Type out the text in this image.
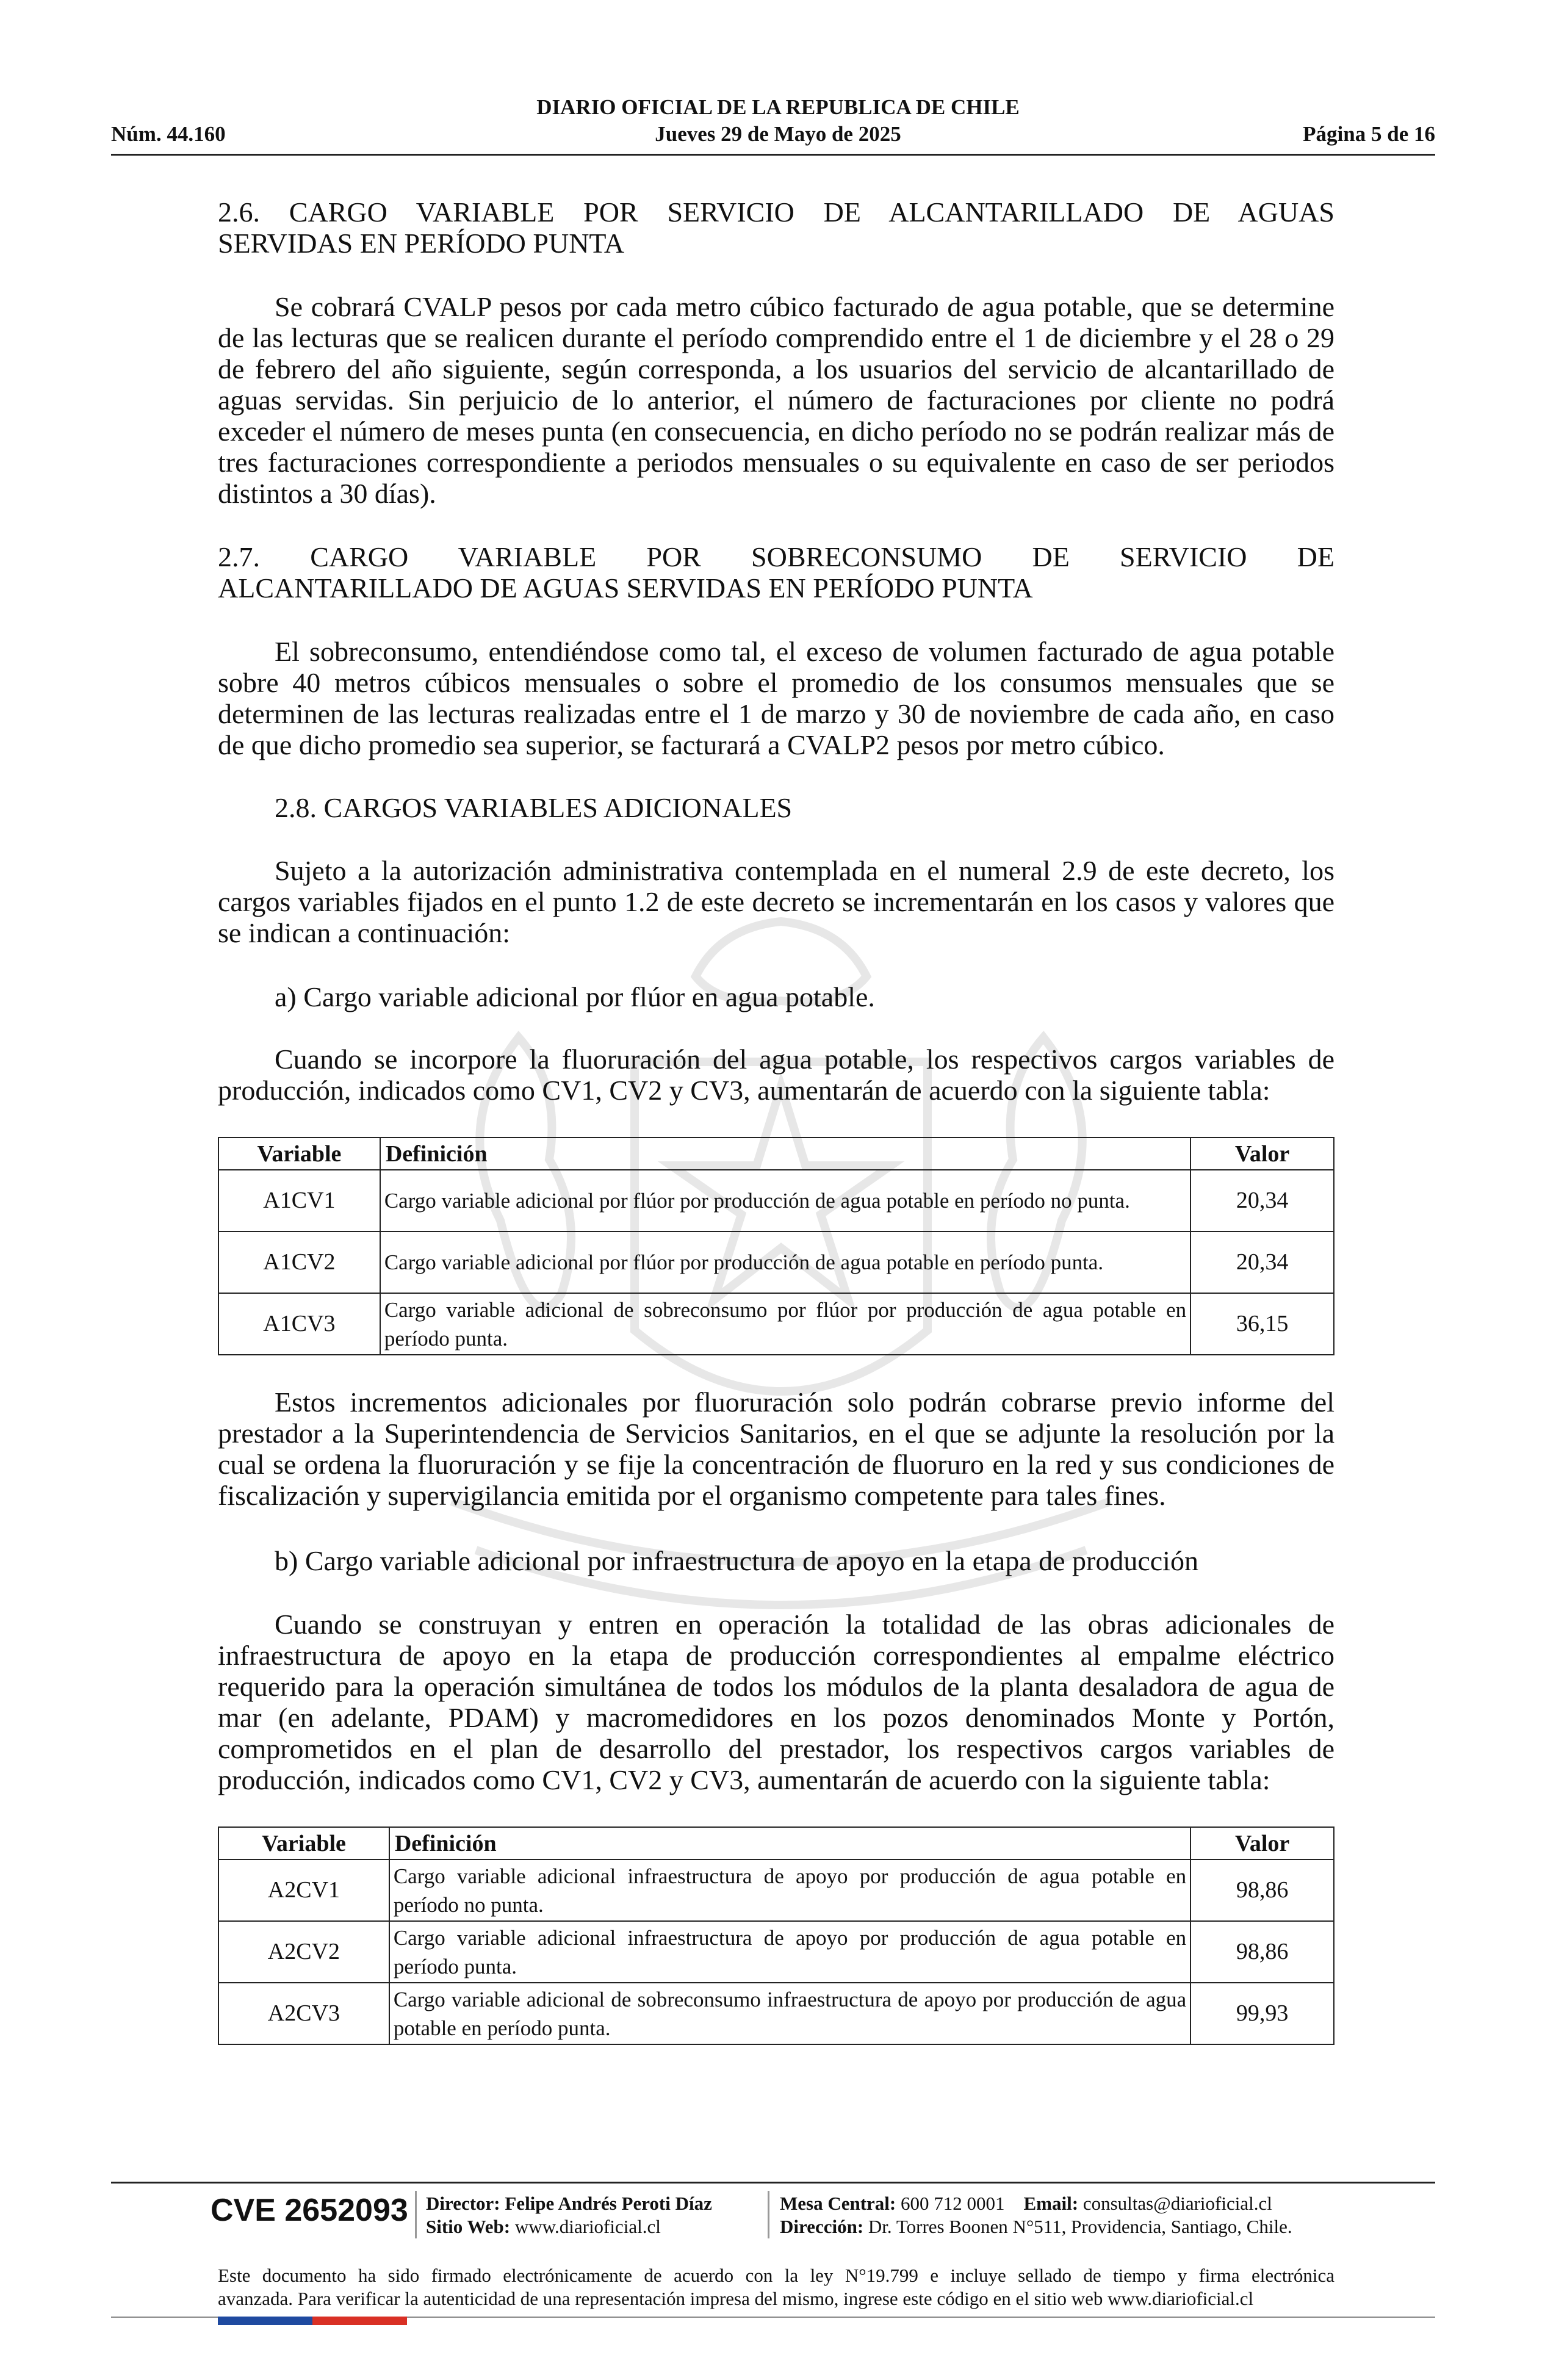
DIARIO OFICIAL DE LA REPUBLICA DE CHILE
Núm. 44.160	Jueves 29 de Mayo de 2025	Página 5 de 16
2.6. CARGO VARIABLE POR SERVICIO DE ALCANTARILLADO DE AGUAS
SERVIDAS EN PERÍODO PUNTA
Se cobrará CVALP pesos por cada metro cúbico facturado de agua potable, que se determine de las lecturas que se realicen durante el período comprendido entre el 1 de diciembre y el 28 o 29 de febrero del año siguiente, según corresponda, a los usuarios del servicio de alcantarillado de aguas servidas. Sin perjuicio de lo anterior, el número de facturaciones por cliente no podrá exceder el número de meses punta (en consecuencia, en dicho período no se podrán realizar más de tres facturaciones correspondiente a periodos mensuales o su equivalente en caso de ser periodos distintos a 30 días).
2.7. CARGO VARIABLE POR SOBRECONSUMO DE SERVICIO DE
ALCANTARILLADO DE AGUAS SERVIDAS EN PERÍODO PUNTA
El sobreconsumo, entendiéndose como tal, el exceso de volumen facturado de agua potable sobre 40 metros cúbicos mensuales o sobre el promedio de los consumos mensuales que se determinen de las lecturas realizadas entre el 1 de marzo y 30 de noviembre de cada año, en caso de que dicho promedio sea superior, se facturará a CVALP2 pesos por metro cúbico.
2.8. CARGOS VARIABLES ADICIONALES
Sujeto a la autorización administrativa contemplada en el numeral 2.9 de este decreto, los cargos variables fijados en el punto 1.2 de este decreto se incrementarán en los casos y valores que se indican a continuación:
a) Cargo variable adicional por flúor en agua potable.
Cuando se incorpore la fluoruración del agua potable, los respectivos cargos variables de producción, indicados como CV1, CV2 y CV3, aumentarán de acuerdo con la siguiente tabla:
Variable	Definición	Valor
A1CV1	Cargo variable adicional por flúor por producción de agua potable en período no punta.	20,34
A1CV2	Cargo variable adicional por flúor por producción de agua potable en período punta.	20,34
A1CV3	Cargo variable adicional de sobreconsumo por flúor por producción de agua potable en período punta.	36,15
Estos incrementos adicionales por fluoruración solo podrán cobrarse previo informe del prestador a la Superintendencia de Servicios Sanitarios, en el que se adjunte la resolución por la cual se ordena la fluoruración y se fije la concentración de fluoruro en la red y sus condiciones de fiscalización y supervigilancia emitida por el organismo competente para tales fines.
b) Cargo variable adicional por infraestructura de apoyo en la etapa de producción
Cuando se construyan y entren en operación la totalidad de las obras adicionales de infraestructura de apoyo en la etapa de producción correspondientes al empalme eléctrico requerido para la operación simultánea de todos los módulos de la planta desaladora de agua de mar (en adelante, PDAM) y macromedidores en los pozos denominados Monte y Portón, comprometidos en el plan de desarrollo del prestador, los respectivos cargos variables de producción, indicados como CV1, CV2 y CV3, aumentarán de acuerdo con la siguiente tabla:
Variable	Definición	Valor
A2CV1	Cargo variable adicional infraestructura de apoyo por producción de agua potable en período no punta.	98,86
A2CV2	Cargo variable adicional infraestructura de apoyo por producción de agua potable en período punta.	98,86
A2CV3	Cargo variable adicional de sobreconsumo infraestructura de apoyo por producción de agua potable en período punta.	99,93
CVE 2652093 Director: Felipe Andrés Peroti Díaz
Sitio Web: www.diarioficial.cl
Mesa Central: 600 712 0001 Email: consultas@diarioficial.cl
Dirección: Dr. Torres Boonen N°511, Providencia, Santiago, Chile.
Este documento ha sido firmado electrónicamente de acuerdo con la ley N°19.799 e incluye sellado de tiempo y firma electrónica
avanzada. Para verificar la autenticidad de una representación impresa del mismo, ingrese este código en el sitio web www.diarioficial.cl
